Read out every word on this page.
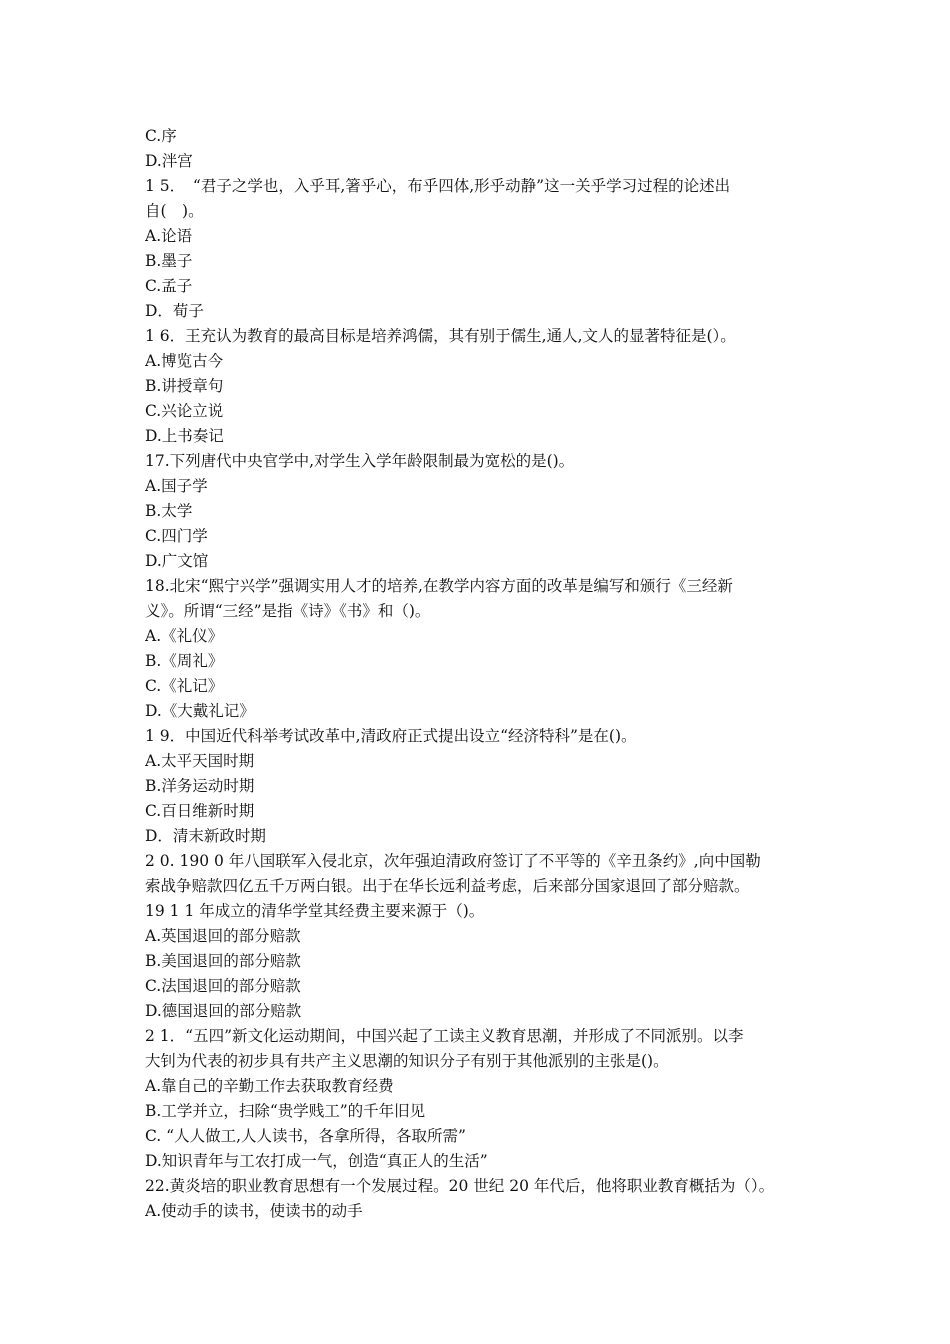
C.序
D.泮宫
1 5．　“君子之学也，入乎耳,箸乎心，布乎四体,形乎动静”这一关乎学习过程的论述出
自(　)。
A.论语
B.墨子
C.孟子
D．荀子
1 6．王充认为教育的最高目标是培养鸿儒，其有别于儒生,通人,文人的显著特征是(）。
A.博览古今
B.讲授章句
C.兴论立说
D.上书奏记
17.下列唐代中央官学中,对学生入学年龄限制最为宽松的是()。
A.国子学
B.太学
C.四门学
D.广文馆
18.北宋“熙宁兴学”强调实用人才的培养,在教学内容方面的改革是编写和颁行《三经新
义》。所谓“三经”是指《诗》《书》和（)。
A.《礼仪》
B.《周礼》
C.《礼记》
D.《大戴礼记》
1 9．中国近代科举考试改革中,清政府正式提出设立“经济特科”是在()。
A.太平天国时期
B.洋务运动时期
C.百日维新时期
D．清末新政时期
2 0. 190 0 年八国联军入侵北京，次年强迫清政府签订了不平等的《辛丑条约》,向中国勒
索战争赔款四亿五千万两白银。出于在华长远利益考虑，后来部分国家退回了部分赔款。
19 1 1 年成立的清华学堂其经费主要来源于（)。
A.英国退回的部分赔款
B.美国退回的部分赔款
C.法国退回的部分赔款
D.德国退回的部分赔款
2 1．“五四”新文化运动期间，中国兴起了工读主义教育思潮，并形成了不同派别。以李
大钊为代表的初步具有共产主义思潮的知识分子有别于其他派别的主张是()。
A.靠自己的辛勤工作去获取教育经费
B.工学并立，扫除“贵学贱工”的千年旧见
C. “人人做工,人人读书，各拿所得，各取所需”
D.知识青年与工农打成一气，创造“真正人的生活”
22.黄炎培的职业教育思想有一个发展过程。20 世纪 20 年代后，他将职业教育概括为（）。
A.使动手的读书，使读书的动手
